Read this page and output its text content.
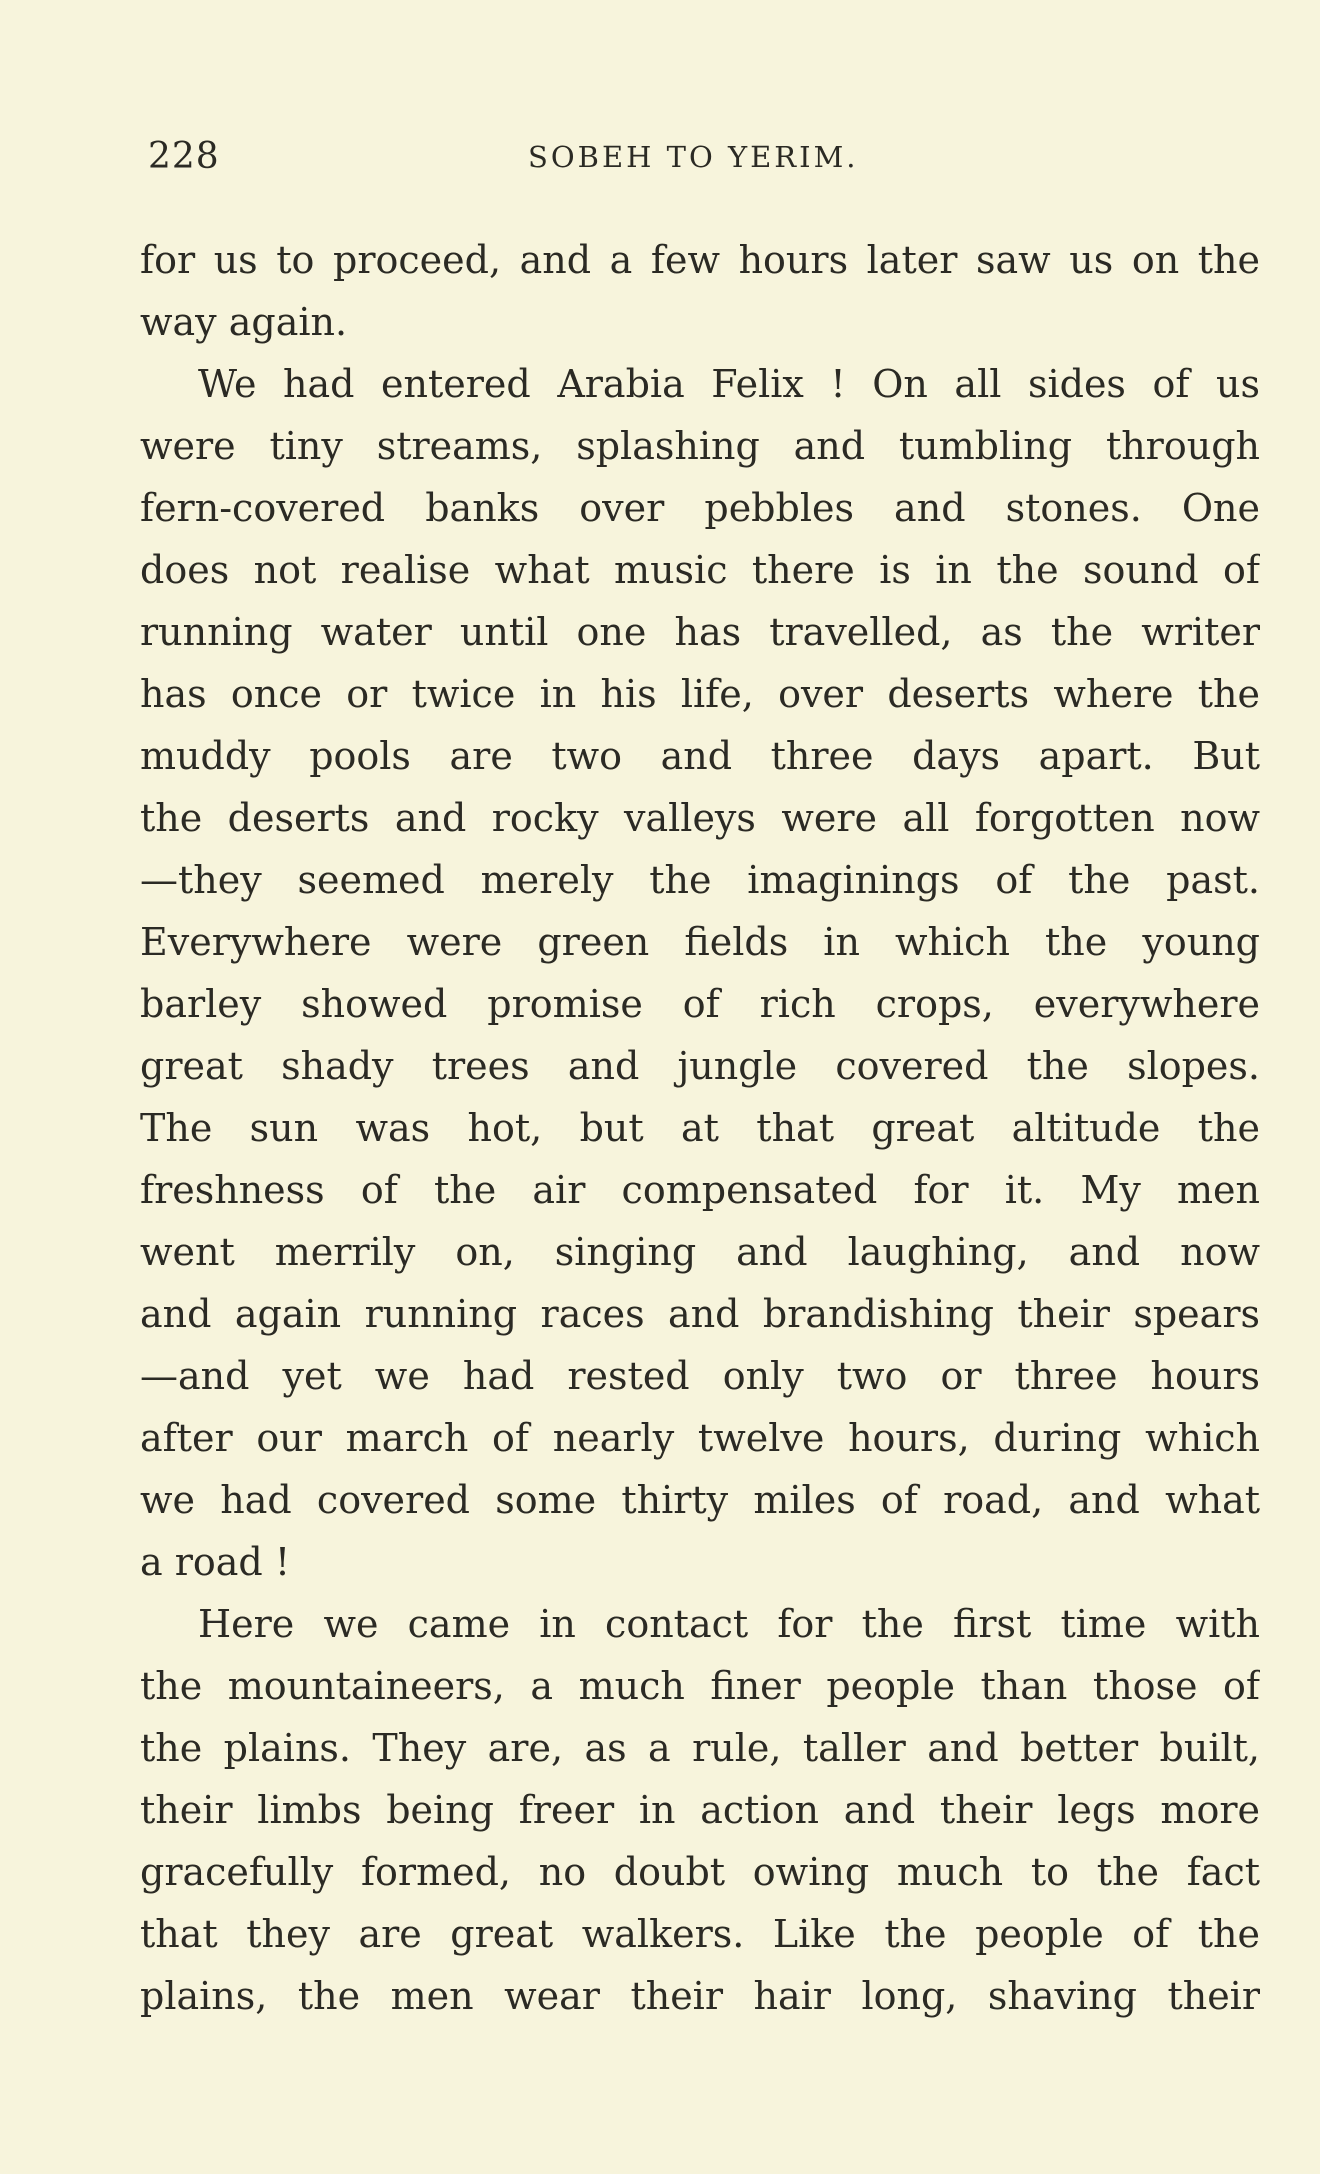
228	SOBEH TO YERIM.
for us to proceed, and a few hours later saw us on the
way again.
We had entered Arabia Felix ! On all sides of us
were tiny streams, splashing and tumbling through
fern-covered banks over pebbles and stones. One
does not realise what music there is in the sound of
running water until one has travelled, as the writer
has once or twice in his life, over deserts where the
muddy pools are two and three days apart. But
the deserts and rocky valleys were all forgotten now
—they seemed merely the imaginings of the past.
Everywhere were green fields in which the young
barley showed promise of rich crops, everywhere
great shady trees and jungle covered the slopes.
The sun was hot, but at that great altitude the
freshness of the air compensated for it. My men
went merrily on, singing and laughing, and now
and again running races and brandishing their spears
—and yet we had rested only two or three hours
after our march of nearly twelve hours, during which
we had covered some thirty miles of road, and what
a road !
Here we came in contact for the first time with
the mountaineers, a much finer people than those of
the plains. They are, as a rule, taller and better built,
their limbs being freer in action and their legs more
gracefully formed, no doubt owing much to the fact
that they are great walkers. Like the people of the
plains, the men wear their hair long, shaving their
